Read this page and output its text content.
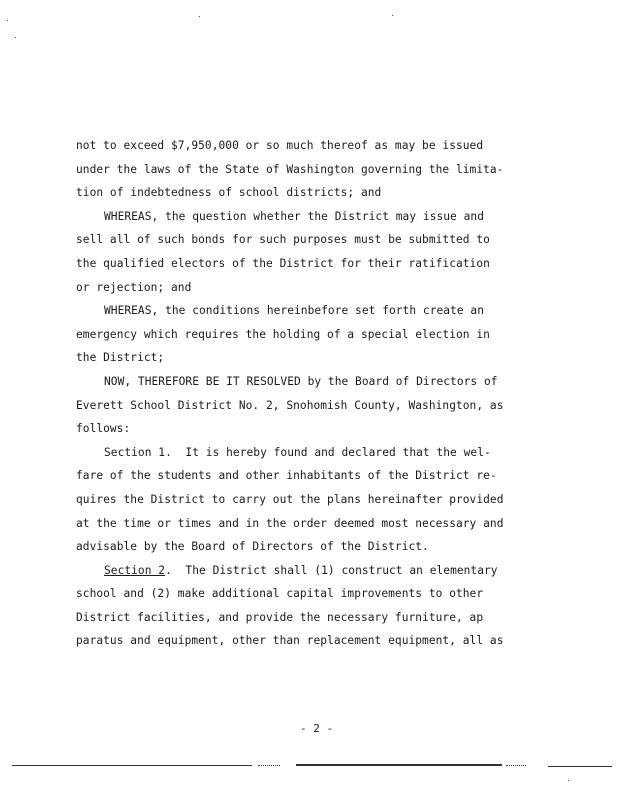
not to exceed $7,950,000 or so much thereof as may be issued
under the laws of the State of Washington governing the limita-
tion of indebtedness of school districts; and
WHEREAS, the question whether the District may issue and
sell all of such bonds for such purposes must be submitted to
the qualified electors of the District for their ratification
or rejection; and
WHEREAS, the conditions hereinbefore set forth create an
emergency which requires the holding of a special election in
the District;
NOW, THEREFORE BE IT RESOLVED by the Board of Directors of
Everett School District No. 2, Snohomish County, Washington, as
follows:
Section 1.  It is hereby found and declared that the wel-
fare of the students and other inhabitants of the District re-
quires the District to carry out the plans hereinafter provided
at the time or times and in the order deemed most necessary and
advisable by the Board of Directors of the District.
Section 2.  The District shall (1) construct an elementary
school and (2) make additional capital improvements to other
District facilities, and provide the necessary furniture, ap
paratus and equipment, other than replacement equipment, all as
- 2 -
